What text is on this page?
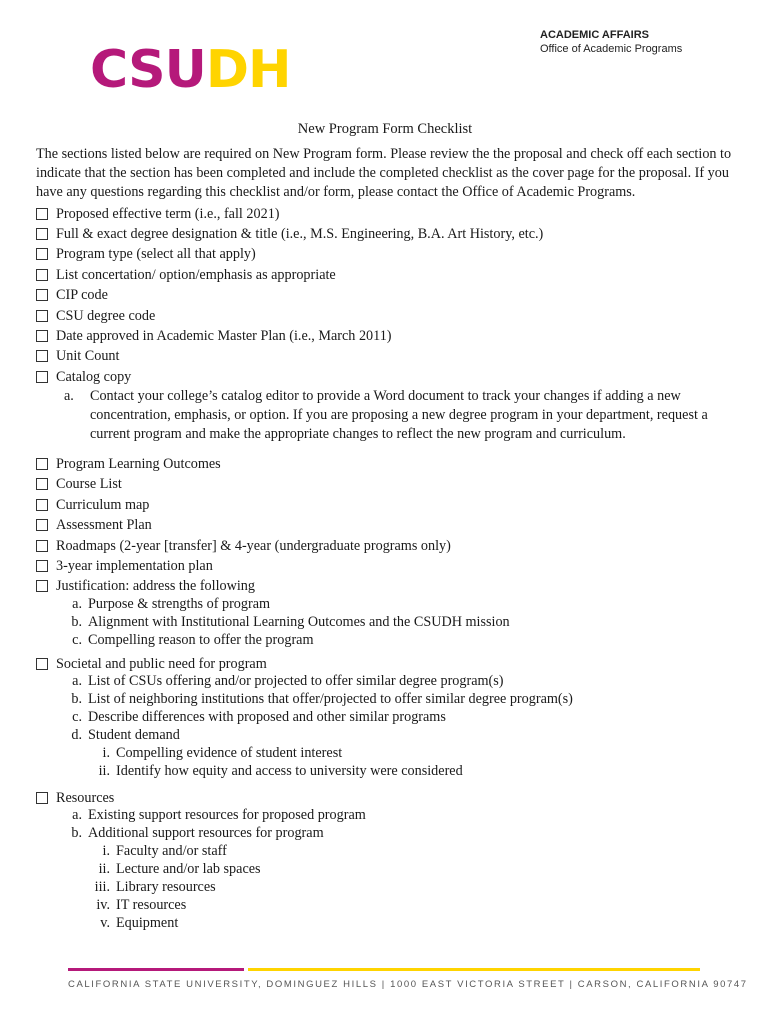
CSUDH
ACADEMIC AFFAIRS
Office of Academic Programs
New Program Form Checklist
The sections listed below are required on New Program form. Please review the the proposal and check off each section to indicate that the section has been completed and include the completed checklist as the cover page for the proposal. If you have any questions regarding this checklist and/or form, please contact the Office of Academic Programs.
Proposed effective term (i.e., fall 2021)
Full & exact degree designation & title (i.e., M.S. Engineering, B.A. Art History, etc.)
Program type (select all that apply)
List concertation/ option/emphasis as appropriate
CIP code
CSU degree code
Date approved in Academic Master Plan (i.e., March 2011)
Unit Count
Catalog copy
a. Contact your college’s catalog editor to provide a Word document to track your changes if adding a new concentration, emphasis, or option. If you are proposing a new degree program in your department, request a current program and make the appropriate changes to reflect the new program and curriculum.
Program Learning Outcomes
Course List
Curriculum map
Assessment Plan
Roadmaps (2-year [transfer] & 4-year (undergraduate programs only)
3-year implementation plan
Justification: address the following
a. Purpose & strengths of program
b. Alignment with Institutional Learning Outcomes and the CSUDH mission
c. Compelling reason to offer the program
Societal and public need for program
a. List of CSUs offering and/or projected to offer similar degree program(s)
b. List of neighboring institutions that offer/projected to offer similar degree program(s)
c. Describe differences with proposed and other similar programs
d. Student demand
i. Compelling evidence of student interest
ii. Identify how equity and access to university were considered
Resources
a. Existing support resources for proposed program
b. Additional support resources for program
i. Faculty and/or staff
ii. Lecture and/or lab spaces
iii. Library resources
iv. IT resources
v. Equipment
CALIFORNIA STATE UNIVERSITY, DOMINGUEZ HILLS | 1000 EAST VICTORIA STREET | CARSON, CALIFORNIA 90747
